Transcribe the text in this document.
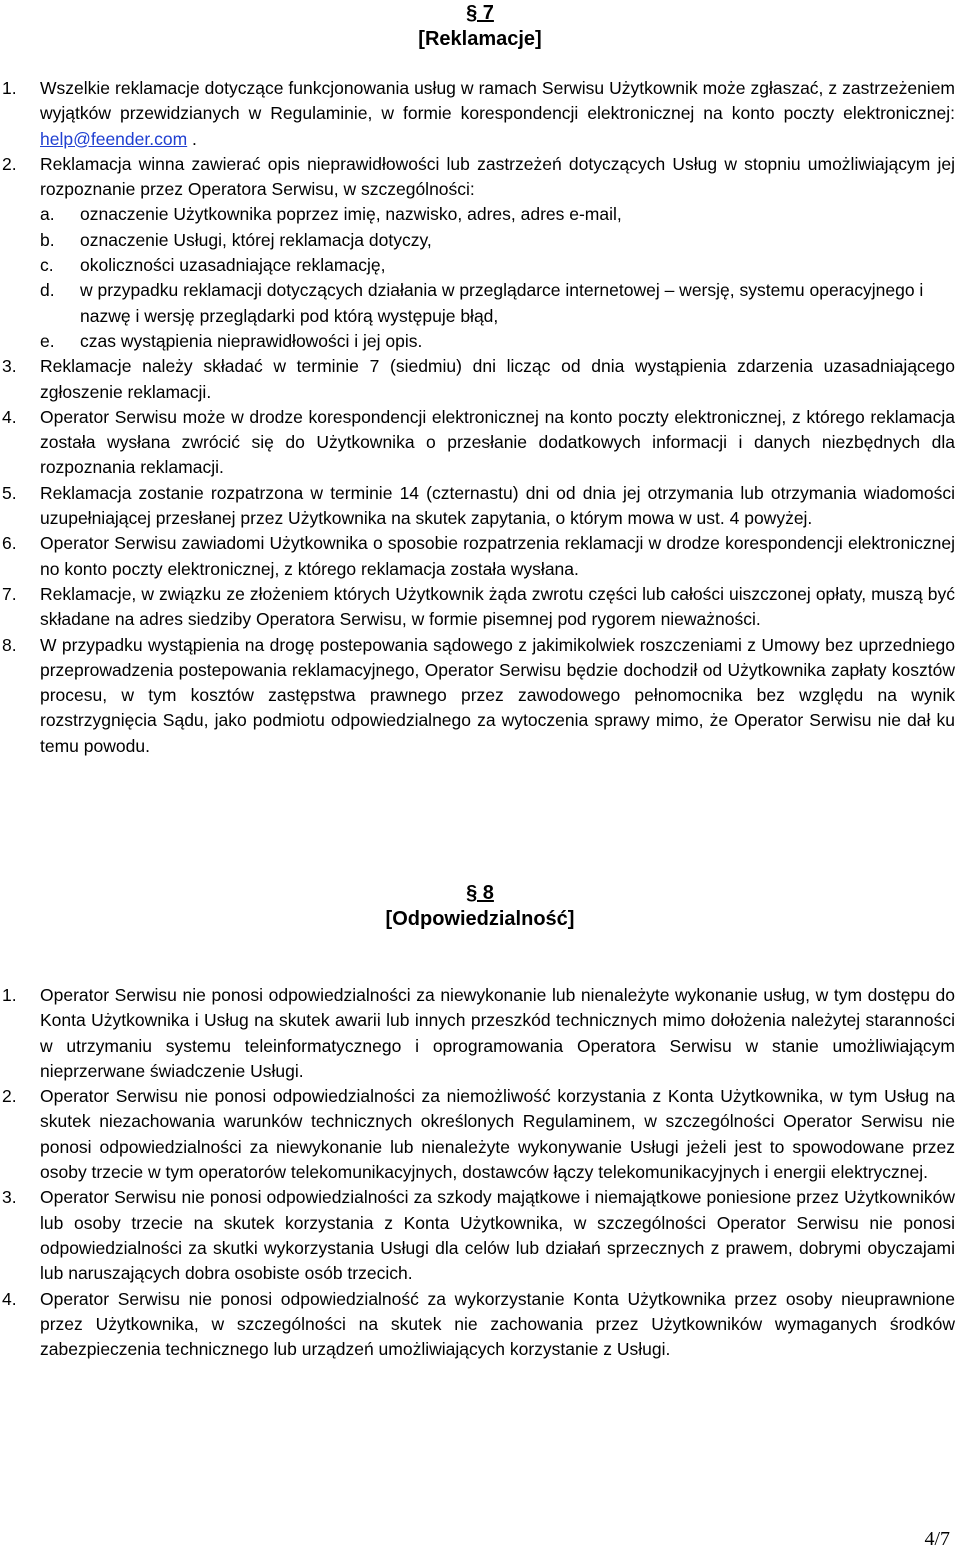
§ 7
[Reklamacje]
1. Wszelkie reklamacje dotyczące funkcjonowania usług w ramach Serwisu Użytkownik może zgłaszać, z zastrzeżeniem wyjątków przewidzianych w Regulaminie, w formie korespondencji elektronicznej na konto poczty elektronicznej: help@feender.com .
2. Reklamacja winna zawierać opis nieprawidłowości lub zastrzeżeń dotyczących Usług w stopniu umożliwiającym jej rozpoznanie przez Operatora Serwisu, w szczególności:
a. oznaczenie Użytkownika poprzez imię, nazwisko, adres, adres e-mail,
b. oznaczenie Usługi, której reklamacja dotyczy,
c. okoliczności uzasadniające reklamację,
d. w przypadku reklamacji dotyczących działania w przeglądarce internetowej – wersję, systemu operacyjnego i nazwę i wersję przeglądarki pod którą występuje błąd,
e. czas wystąpienia nieprawidłowości i jej opis.
3. Reklamacje należy składać w terminie 7 (siedmiu) dni licząc od dnia wystąpienia zdarzenia uzasadniającego zgłoszenie reklamacji.
4. Operator Serwisu może w drodze korespondencji elektronicznej na konto poczty elektronicznej, z którego reklamacja została wysłana zwrócić się do Użytkownika o przesłanie dodatkowych informacji i danych niezbędnych dla rozpoznania reklamacji.
5. Reklamacja zostanie rozpatrzona w terminie 14 (czternastu) dni od dnia jej otrzymania lub otrzymania wiadomości uzupełniającej przesłanej przez Użytkownika na skutek zapytania, o którym mowa w ust. 4 powyżej.
6. Operator Serwisu zawiadomi Użytkownika o sposobie rozpatrzenia reklamacji w drodze korespondencji elektronicznej no konto poczty elektronicznej, z którego reklamacja została wysłana.
7. Reklamacje, w związku ze złożeniem których Użytkownik żąda zwrotu części lub całości uiszczonej opłaty, muszą być składane na adres siedziby Operatora Serwisu, w formie pisemnej pod rygorem nieważności.
8. W przypadku wystąpienia na drogę postepowania sądowego z jakimikolwiek roszczeniami z Umowy bez uprzedniego przeprowadzenia postepowania reklamacyjnego, Operator Serwisu będzie dochodził od Użytkownika zapłaty kosztów procesu, w tym kosztów zastępstwa prawnego przez zawodowego pełnomocnika bez względu na wynik rozstrzygnięcia Sądu, jako podmiotu odpowiedzialnego za wytoczenia sprawy mimo, że Operator Serwisu nie dał ku temu powodu.
§ 8
[Odpowiedzialność]
1. Operator Serwisu nie ponosi odpowiedzialności za niewykonanie lub nienależyte wykonanie usług, w tym dostępu do Konta Użytkownika i Usług na skutek awarii lub innych przeszkód technicznych mimo dołożenia należytej staranności w utrzymaniu systemu teleinformatycznego i oprogramowania Operatora Serwisu w stanie umożliwiającym nieprzerwane świadczenie Usługi.
2. Operator Serwisu nie ponosi odpowiedzialności za niemożliwość korzystania z Konta Użytkownika, w tym Usług na skutek niezachowania warunków technicznych określonych Regulaminem, w szczególności Operator Serwisu nie ponosi odpowiedzialności za niewykonanie lub nienależyte wykonywanie Usługi jeżeli jest to spowodowane przez osoby trzecie w tym operatorów telekomunikacyjnych, dostawców łączy telekomunikacyjnych i energii elektrycznej.
3. Operator Serwisu nie ponosi odpowiedzialności za szkody majątkowe i niemajątkowe poniesione przez Użytkowników lub osoby trzecie na skutek korzystania z Konta Użytkownika, w szczególności Operator Serwisu nie ponosi odpowiedzialności za skutki wykorzystania Usługi dla celów lub działań sprzecznych z prawem, dobrymi obyczajami lub naruszających dobra osobiste osób trzecich.
4. Operator Serwisu nie ponosi odpowiedzialność za wykorzystanie Konta Użytkownika przez osoby nieuprawnione przez Użytkownika, w szczególności na skutek nie zachowania przez Użytkowników wymaganych środków zabezpieczenia technicznego lub urządzeń umożliwiających korzystanie z Usługi.
4/7
